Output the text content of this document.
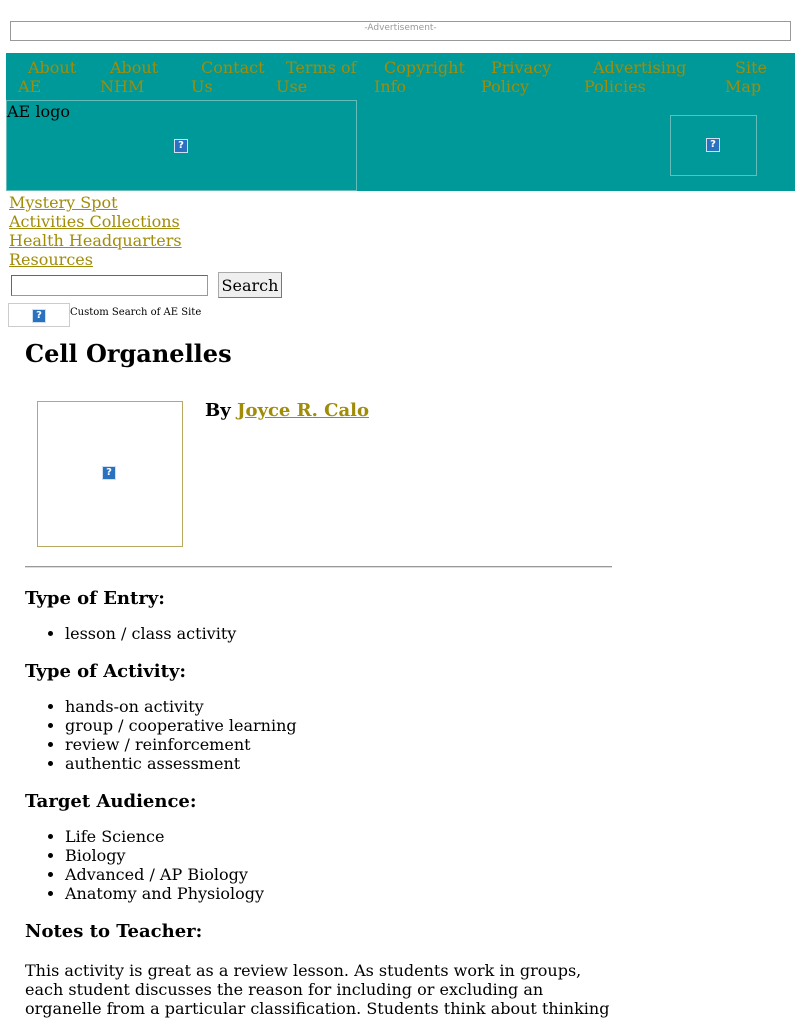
-Advertisement-
About
AE
About
NHM
Contact
Us
Terms of
Use
Copyright
Info
Privacy
Policy
Advertising
Policies
Site
Map
AE logo
?	?
Mystery Spot
Activities Collections
Health Headquarters
Resources
Search
?	Custom Search of AE Site
Cell Organelles
?
By Joyce R. Calo
Type of Entry:
• lesson / class activity
Type of Activity:
• hands-on activity
• group / cooperative learning
• review / reinforcement
• authentic assessment
Target Audience:
• Life Science
• Biology
• Advanced / AP Biology
• Anatomy and Physiology
Notes to Teacher:

This activity is great as a review lesson. As students work in groups, each student discusses the reason for including or excluding an organelle from a particular classification. Students think about thinking
